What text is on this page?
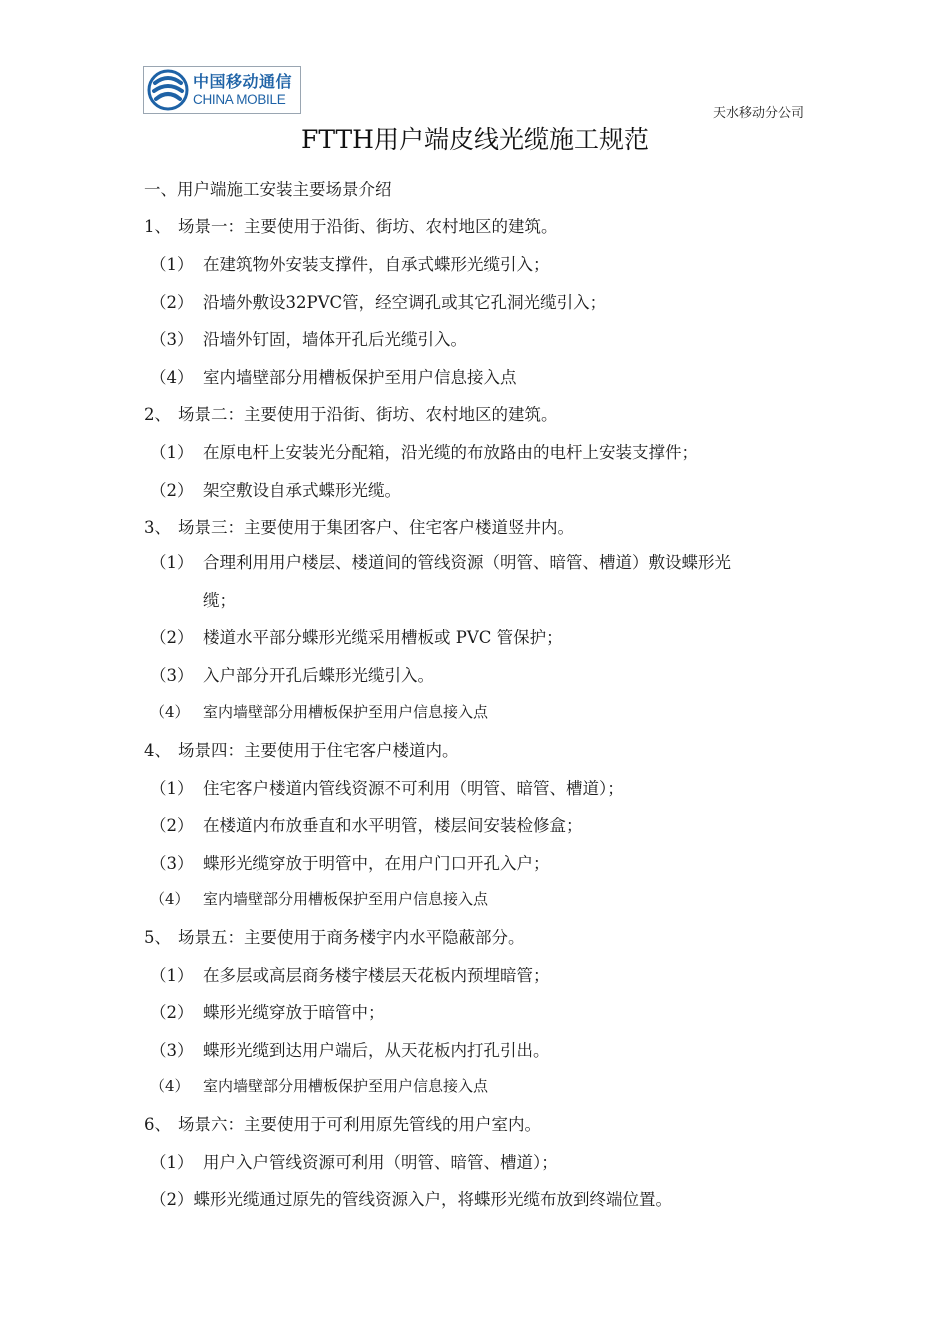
中国移动通信
CHINA MOBILE
天水移动分公司
FTTH用户端皮线光缆施工规范
一、用户端施工安装主要场景介绍
1、 场景一：主要使用于沿街、街坊、农村地区的建筑。
（1） 在建筑物外安装支撑件，自承式蝶形光缆引入；
（2） 沿墙外敷设32PVC管，经空调孔或其它孔洞光缆引入；
（3） 沿墙外钉固，墙体开孔后光缆引入。
（4） 室内墙壁部分用槽板保护至用户信息接入点
2、 场景二：主要使用于沿街、街坊、农村地区的建筑。
（1） 在原电杆上安装光分配箱，沿光缆的布放路由的电杆上安装支撑件；
（2） 架空敷设自承式蝶形光缆。
3、 场景三：主要使用于集团客户、住宅客户楼道竖井内。
（1） 合理利用用户楼层、楼道间的管线资源（明管、暗管、槽道）敷设蝶形光
缆；
（2） 楼道水平部分蝶形光缆采用槽板或 PVC 管保护；
（3） 入户部分开孔后蝶形光缆引入。
（4） 室内墙壁部分用槽板保护至用户信息接入点
4、 场景四：主要使用于住宅客户楼道内。
（1） 住宅客户楼道内管线资源不可利用（明管、暗管、槽道）；
（2） 在楼道内布放垂直和水平明管，楼层间安装检修盒；
（3） 蝶形光缆穿放于明管中，在用户门口开孔入户；
（4） 室内墙壁部分用槽板保护至用户信息接入点
5、 场景五：主要使用于商务楼宇内水平隐蔽部分。
（1） 在多层或高层商务楼宇楼层天花板内预埋暗管；
（2） 蝶形光缆穿放于暗管中；
（3） 蝶形光缆到达用户端后，从天花板内打孔引出。
（4） 室内墙壁部分用槽板保护至用户信息接入点
6、 场景六：主要使用于可利用原先管线的用户室内。
（1） 用户入户管线资源可利用（明管、暗管、槽道）；
（2）蝶形光缆通过原先的管线资源入户，将蝶形光缆布放到终端位置。
